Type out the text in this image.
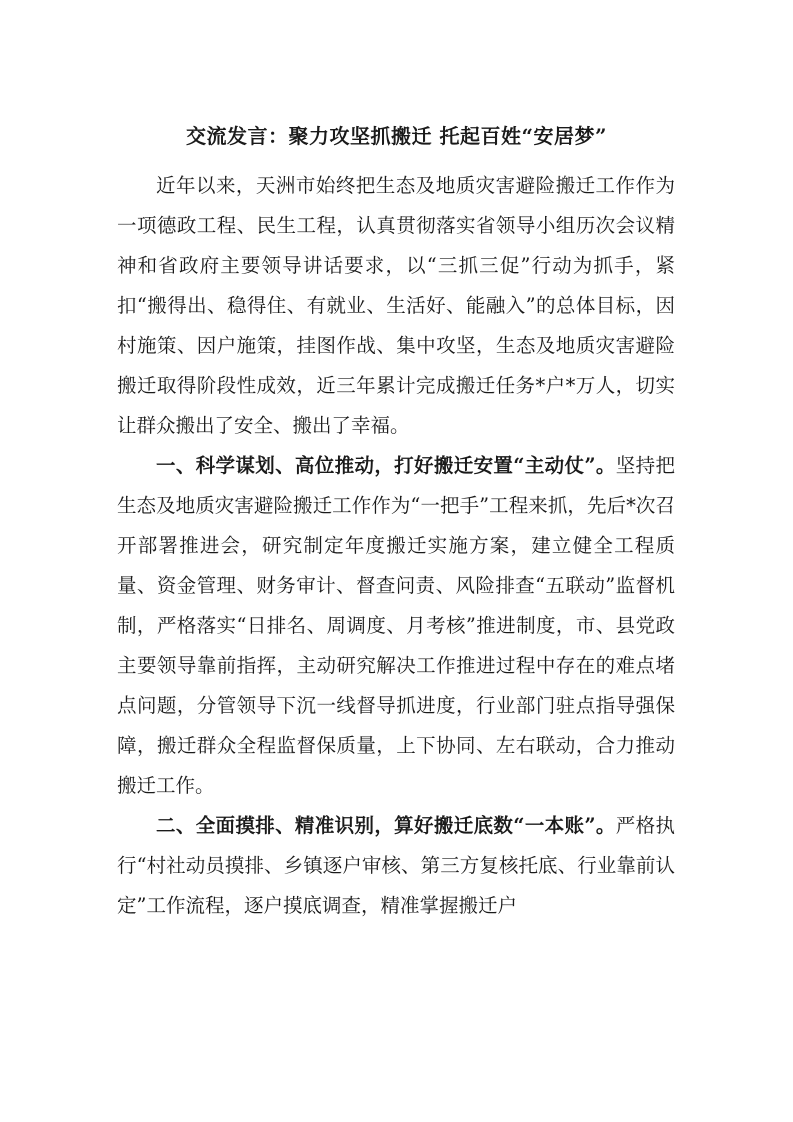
交流发言：聚力攻坚抓搬迁 托起百姓“安居梦”

近年以来，天洲市始终把生态及地质灾害避险搬迁工作作为一项德政工程、民生工程，认真贯彻落实省领导小组历次会议精神和省政府主要领导讲话要求，以“三抓三促”行动为抓手，紧扣“搬得出、稳得住、有就业、生活好、能融入”的总体目标，因村施策、因户施策，挂图作战、集中攻坚，生态及地质灾害避险搬迁取得阶段性成效，近三年累计完成搬迁任务*户*万人，切实让群众搬出了安全、搬出了幸福。

一、科学谋划、高位推动，打好搬迁安置“主动仗”。坚持把生态及地质灾害避险搬迁工作作为“一把手”工程来抓，先后*次召开部署推进会，研究制定年度搬迁实施方案，建立健全工程质量、资金管理、财务审计、督查问责、风险排查“五联动”监督机制，严格落实“日排名、周调度、月考核”推进制度，市、县党政主要领导靠前指挥，主动研究解决工作推进过程中存在的难点堵点问题，分管领导下沉一线督导抓进度，行业部门驻点指导强保障，搬迁群众全程监督保质量，上下协同、左右联动，合力推动搬迁工作。

二、全面摸排、精准识别，算好搬迁底数“一本账”。严格执行“村社动员摸排、乡镇逐户审核、第三方复核托底、行业靠前认定”工作流程，逐户摸底调查，精准掌握搬迁户
